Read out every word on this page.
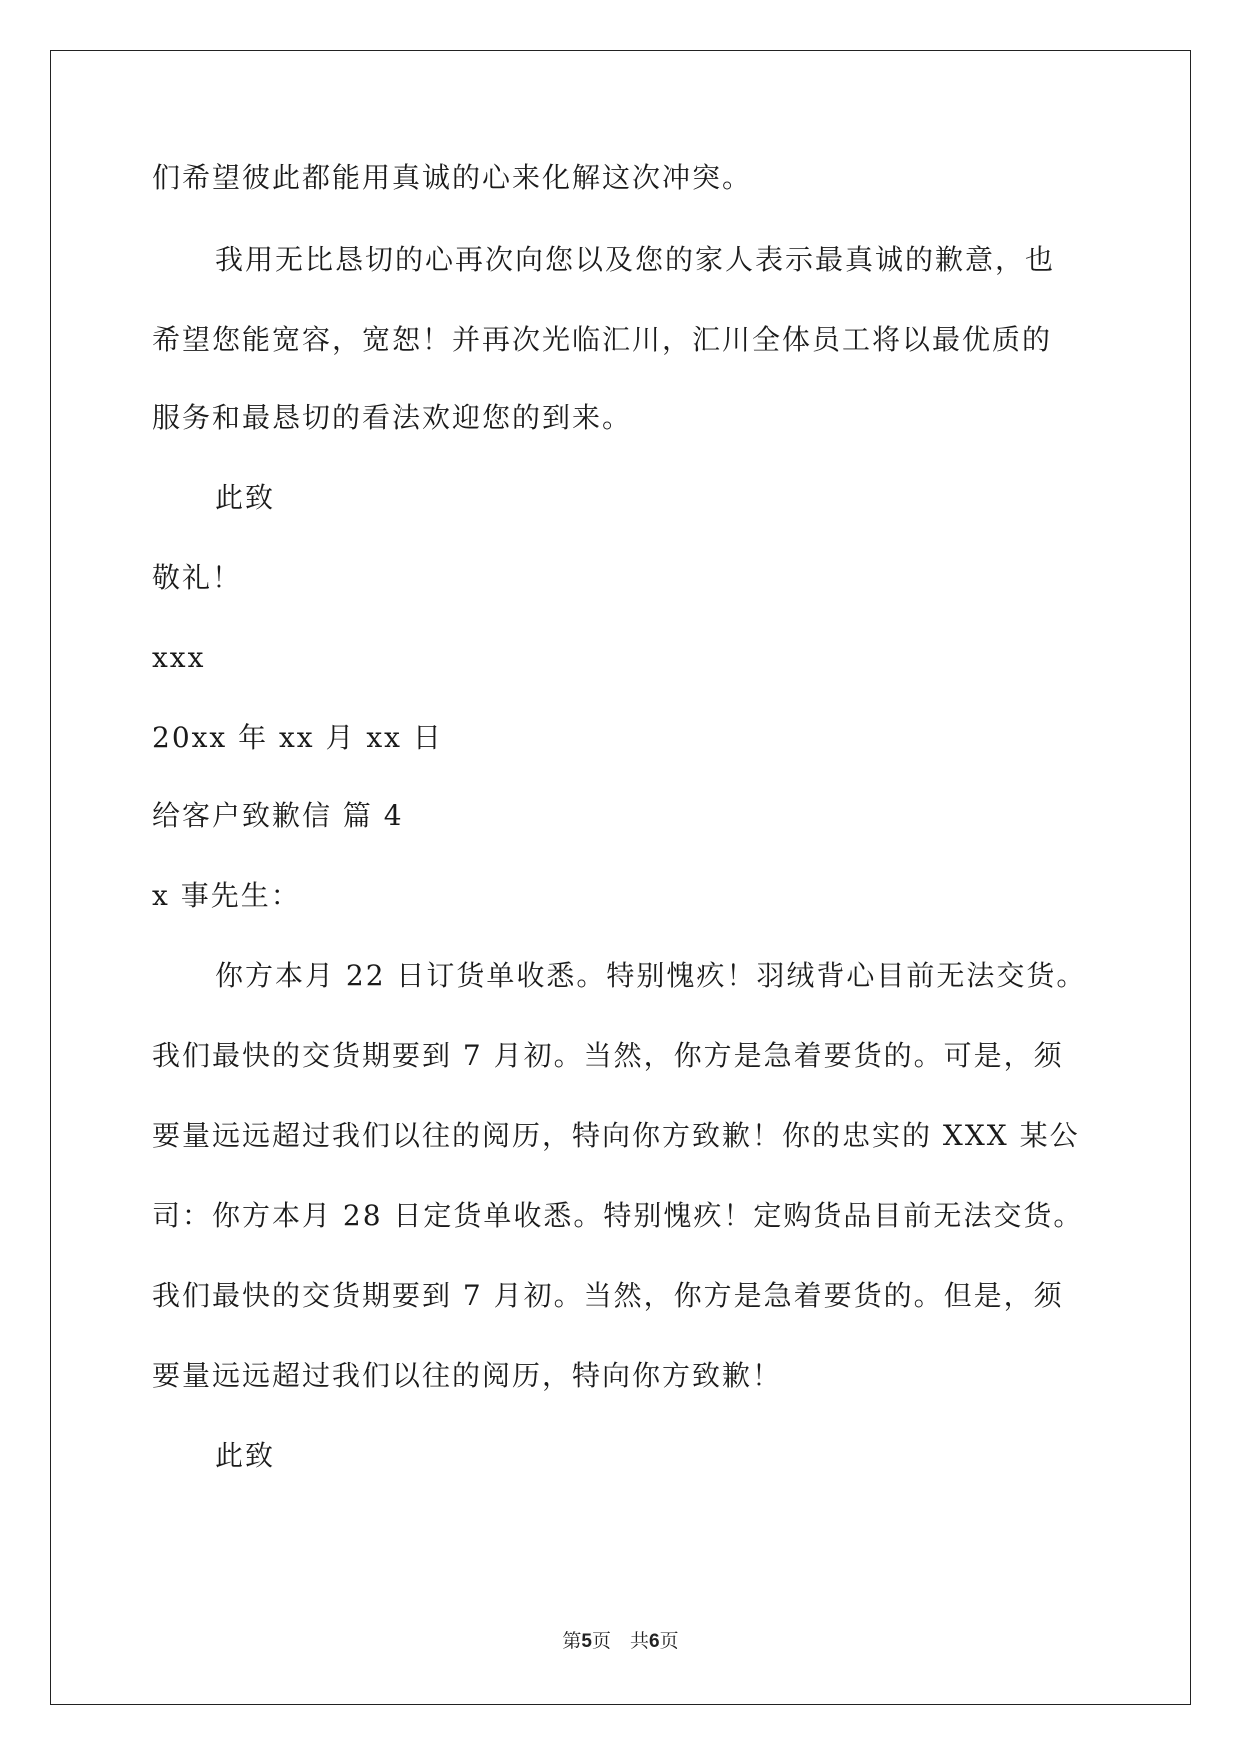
们希望彼此都能用真诚的心来化解这次冲突。
我用无比恳切的心再次向您以及您的家人表示最真诚的歉意，也
希望您能宽容，宽恕！并再次光临汇川，汇川全体员工将以最优质的
服务和最恳切的看法欢迎您的到来。
此致
敬礼！
xxx
20xx 年 xx 月 xx 日
给客户致歉信 篇 4
x 事先生：
你方本月 22 日订货单收悉。特别愧疚！羽绒背心目前无法交货。
我们最快的交货期要到 7 月初。当然，你方是急着要货的。可是，须
要量远远超过我们以往的阅历，特向你方致歉！你的忠实的 XXX 某公
司：你方本月 28 日定货单收悉。特别愧疚！定购货品目前无法交货。
我们最快的交货期要到 7 月初。当然，你方是急着要货的。但是，须
要量远远超过我们以往的阅历，特向你方致歉！
此致
第5页　共6页
